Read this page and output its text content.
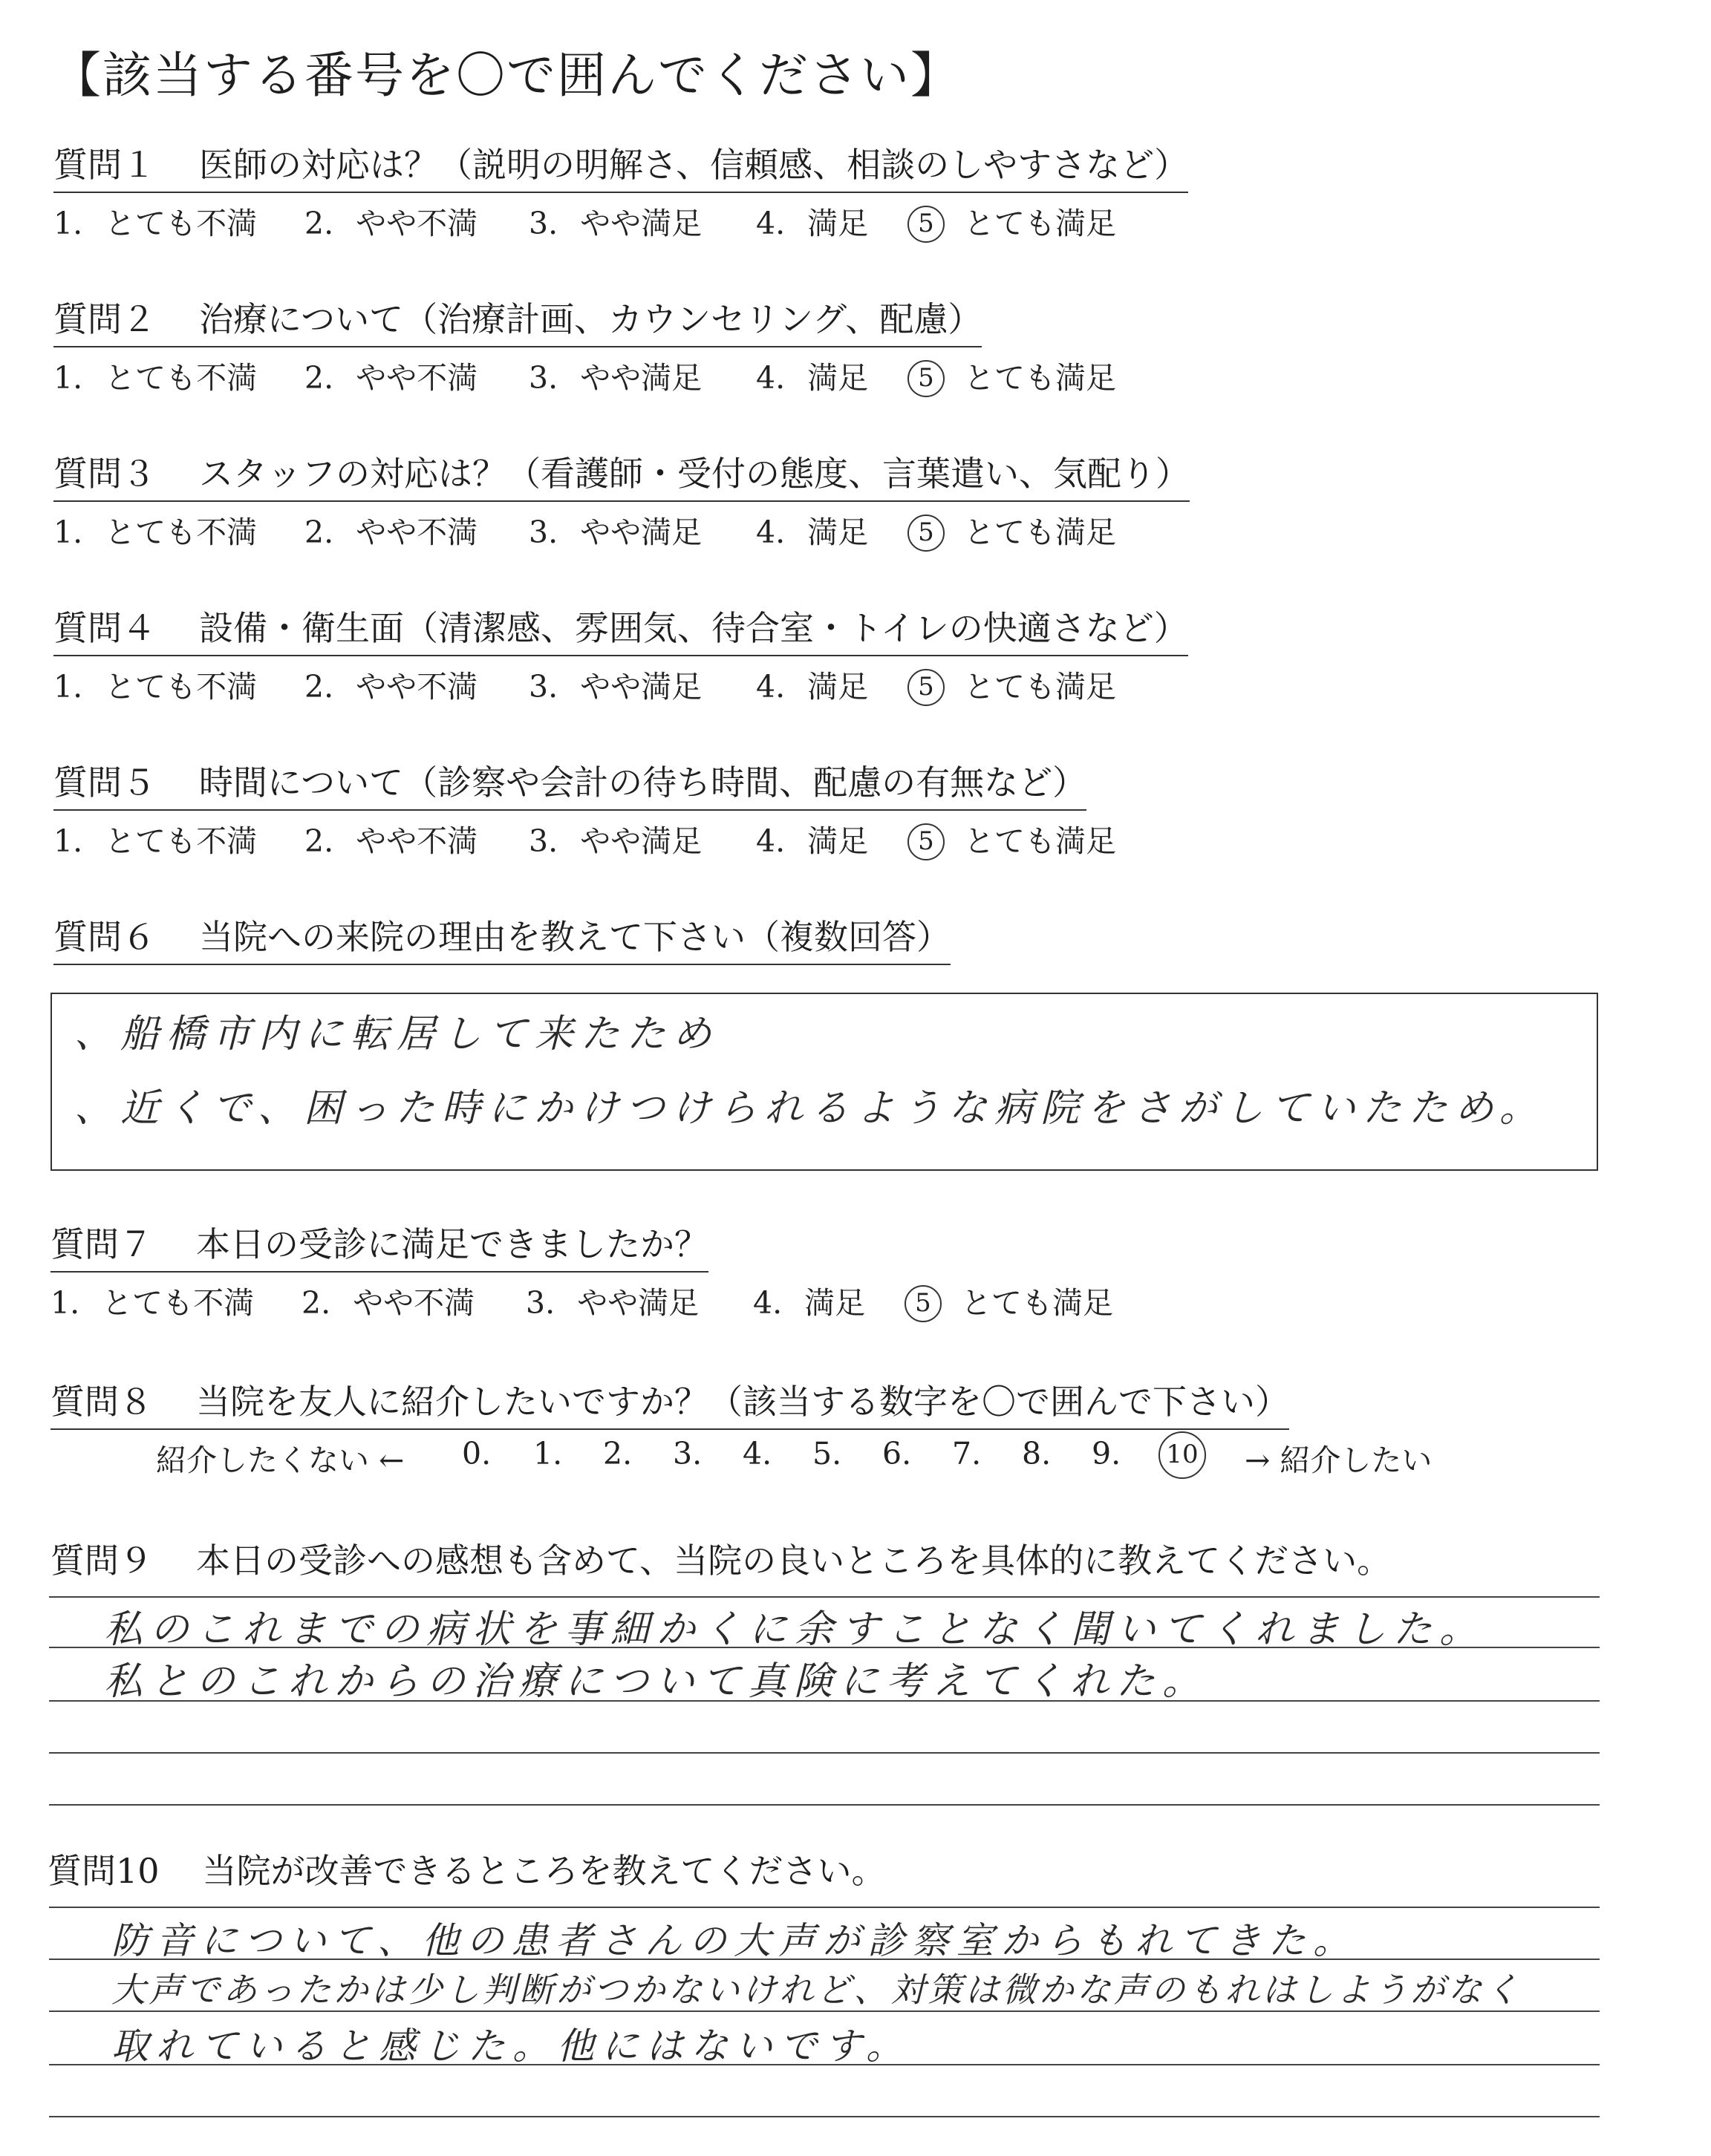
【該当する番号を〇で囲んでください】
質問１ 医師の対応は？（説明の明解さ、信頼感、相談のしやすさなど）
1. とても不満 2. やや不満 3. やや満足 4. 満足	5 とても満足
質問２ 治療について（治療計画、カウンセリング、配慮）
1. とても不満 2. やや不満 3. やや満足 4. 満足	5 とても満足
質問３ スタッフの対応は？（看護師・受付の態度、言葉遣い、気配り）
1. とても不満 2. やや不満 3. やや満足 4. 満足	5 とても満足
質問４ 設備・衛生面（清潔感、雰囲気、待合室・トイレの快適さなど）
1. とても不満 2. やや不満 3. やや満足 4. 満足	5 とても満足
質問５ 時間について（診察や会計の待ち時間、配慮の有無など）
1. とても不満 2. やや不満 3. やや満足 4. 満足	5 とても満足
質問６ 当院への来院の理由を教えて下さい（複数回答）
、船橋市内に転居して来たため
、近くで、困った時にかけつけられるような病院をさがしていたため。
質問７ 本日の受診に満足できましたか？
1. とても不満 2. やや不満 3. やや満足 4. 満足	5 とても満足
質問８ 当院を友人に紹介したいですか？（該当する数字を〇で囲んで下さい）
紹介したくない ← 0. 1. 2. 3. 4. 5. 6. 7. 8. 9.	10 → 紹介したい
質問９ 本日の受診への感想も含めて、当院の良いところを具体的に教えてください。
私のこれまでの病状を事細かくに余すことなく聞いてくれました。
私とのこれからの治療について真険に考えてくれた。
質問10 当院が改善できるところを教えてください。
防音について、他の患者さんの大声が診察室からもれてきた。
大声であったかは少し判断がつかないけれど、対策は微かな声のもれはしようがなく
取れていると感じた。他にはないです。
